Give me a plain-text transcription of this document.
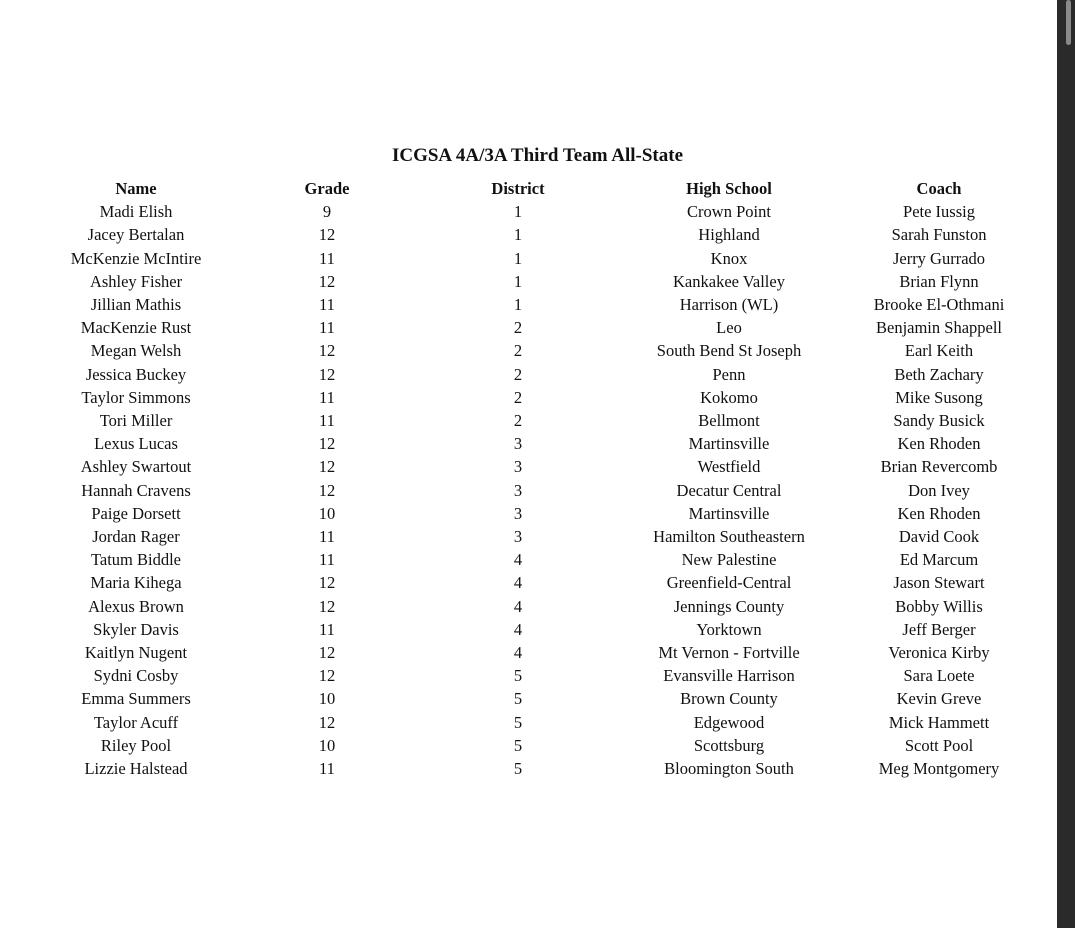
ICGSA 4A/3A Third Team All-State
Name	Grade	District	High School	Coach
Madi Elish	9	1	Crown Point	Pete Iussig
Jacey Bertalan	12	1	Highland	Sarah Funston
McKenzie McIntire	11	1	Knox	Jerry Gurrado
Ashley Fisher	12	1	Kankakee Valley	Brian Flynn
Jillian Mathis	11	1	Harrison (WL)	Brooke El-Othmani
MacKenzie Rust	11	2	Leo	Benjamin Shappell
Megan Welsh	12	2	South Bend St Joseph	Earl Keith
Jessica Buckey	12	2	Penn	Beth Zachary
Taylor Simmons	11	2	Kokomo	Mike Susong
Tori Miller	11	2	Bellmont	Sandy Busick
Lexus Lucas	12	3	Martinsville	Ken Rhoden
Ashley Swartout	12	3	Westfield	Brian Revercomb
Hannah Cravens	12	3	Decatur Central	Don Ivey
Paige Dorsett	10	3	Martinsville	Ken Rhoden
Jordan Rager	11	3	Hamilton Southeastern	David Cook
Tatum Biddle	11	4	New Palestine	Ed Marcum
Maria Kihega	12	4	Greenfield-Central	Jason Stewart
Alexus Brown	12	4	Jennings County	Bobby Willis
Skyler Davis	11	4	Yorktown	Jeff Berger
Kaitlyn Nugent	12	4	Mt Vernon - Fortville	Veronica Kirby
Sydni Cosby	12	5	Evansville Harrison	Sara Loete
Emma Summers	10	5	Brown County	Kevin Greve
Taylor Acuff	12	5	Edgewood	Mick Hammett
Riley Pool	10	5	Scottsburg	Scott Pool
Lizzie Halstead	11	5	Bloomington South	Meg Montgomery
